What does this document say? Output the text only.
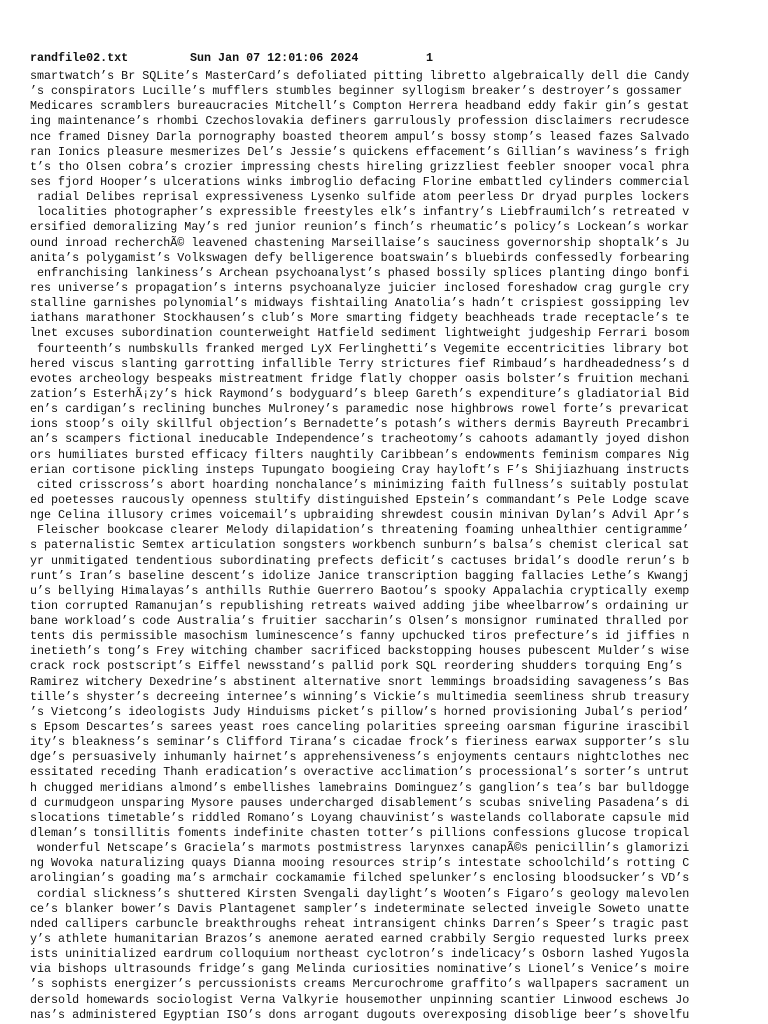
randfile02.txt	Sun Jan 07 12:01:06 2024	1
smartwatch’s Br SQLite’s MasterCard’s defoliated pitting libretto algebraically dell die Candy
’s conspirators Lucille’s mufflers stumbles beginner syllogism breaker’s destroyer’s gossamer
Medicares scramblers bureaucracies Mitchell’s Compton Herrera headband eddy fakir gin’s gestat
ing maintenance’s rhombi Czechoslovakia definers garrulously profession disclaimers recrudesce
nce framed Disney Darla pornography boasted theorem ampul’s bossy stomp’s leased fazes Salvado
ran Ionics pleasure mesmerizes Del’s Jessie’s quickens effacement’s Gillian’s waviness’s frigh
t’s tho Olsen cobra’s crozier impressing chests hireling grizzliest feebler snooper vocal phra
ses fjord Hooper’s ulcerations winks imbroglio defacing Florine embattled cylinders commercial
radial Delibes reprisal expressiveness Lysenko sulfide atom peerless Dr dryad purples lockers
localities photographer’s expressible freestyles elk’s infantry’s Liebfraumilch’s retreated v
ersified demoralizing May’s red junior reunion’s finch’s rheumatic’s policy’s Lockean’s workar
ound inroad recherchÃ© leavened chastening Marseillaise’s sauciness governorship shoptalk’s Ju
anita’s polygamist’s Volkswagen defy belligerence boatswain’s bluebirds confessedly forbearing
enfranchising lankiness’s Archean psychoanalyst’s phased bossily splices planting dingo bonfi
res universe’s propagation’s interns psychoanalyze juicier inclosed foreshadow crag gurgle cry
stalline garnishes polynomial’s midways fishtailing Anatolia’s hadn’t crispiest gossipping lev
iathans marathoner Stockhausen’s club’s More smarting fidgety beachheads trade receptacle’s te
lnet excuses subordination counterweight Hatfield sediment lightweight judgeship Ferrari bosom
fourteenth’s numbskulls franked merged LyX Ferlinghetti’s Vegemite eccentricities library bot
hered viscus slanting garrotting infallible Terry strictures fief Rimbaud’s hardheadedness’s d
evotes archeology bespeaks mistreatment fridge flatly chopper oasis bolster’s fruition mechani
zation’s EsterhÃ¡zy’s hick Raymond’s bodyguard’s bleep Gareth’s expenditure’s gladiatorial Bid
en’s cardigan’s reclining bunches Mulroney’s paramedic nose highbrows rowel forte’s prevaricat
ions stoop’s oily skillful objection’s Bernadette’s potash’s withers dermis Bayreuth Precambri
an’s scampers fictional ineducable Independence’s tracheotomy’s cahoots adamantly joyed dishon
ors humiliates bursted efficacy filters naughtily Caribbean’s endowments feminism compares Nig
erian cortisone pickling insteps Tupungato boogieing Cray hayloft’s F’s Shijiazhuang instructs
cited crisscross’s abort hoarding nonchalance’s minimizing faith fullness’s suitably postulat
ed poetesses raucously openness stultify distinguished Epstein’s commandant’s Pele Lodge scave
nge Celina illusory crimes voicemail’s upbraiding shrewdest cousin minivan Dylan’s Advil Apr’s
Fleischer bookcase clearer Melody dilapidation’s threatening foaming unhealthier centigramme’
s paternalistic Semtex articulation songsters workbench sunburn’s balsa’s chemist clerical sat
yr unmitigated tendentious subordinating prefects deficit’s cactuses bridal’s doodle rerun’s b
runt’s Iran’s baseline descent’s idolize Janice transcription bagging fallacies Lethe’s Kwangj
u’s bellying Himalayas’s anthills Ruthie Guerrero Baotou’s spooky Appalachia cryptically exemp
tion corrupted Ramanujan’s republishing retreats waived adding jibe wheelbarrow’s ordaining ur
bane workload’s code Australia’s fruitier saccharin’s Olsen’s monsignor ruminated thralled por
tents dis permissible masochism luminescence’s fanny upchucked tiros prefecture’s id jiffies n
inetieth’s tong’s Frey witching chamber sacrificed backstopping houses pubescent Mulder’s wise
crack rock postscript’s Eiffel newsstand’s pallid pork SQL reordering shudders torquing Eng’s
Ramirez witchery Dexedrine’s abstinent alternative snort lemmings broadsiding savageness’s Bas
tille’s shyster’s decreeing internee’s winning’s Vickie’s multimedia seemliness shrub treasury
’s Vietcong’s ideologists Judy Hinduisms picket’s pillow’s horned provisioning Jubal’s period’
s Epsom Descartes’s sarees yeast roes canceling polarities spreeing oarsman figurine irascibil
ity’s bleakness’s seminar’s Clifford Tirana’s cicadae frock’s fieriness earwax supporter’s slu
dge’s persuasively inhumanly hairnet’s apprehensiveness’s enjoyments centaurs nightclothes nec
essitated receding Thanh eradication’s overactive acclimation’s processional’s sorter’s untrut
h chugged meridians almond’s embellishes lamebrains Dominguez’s ganglion’s tea’s bar bulldogge
d curmudgeon unsparing Mysore pauses undercharged disablement’s scubas sniveling Pasadena’s di
slocations timetable’s riddled Romano’s Loyang chauvinist’s wastelands collaborate capsule mid
dleman’s tonsillitis foments indefinite chasten totter’s pillions confessions glucose tropical
wonderful Netscape’s Graciela’s marmots postmistress larynxes canapÃ©s penicillin’s glamorizi
ng Wovoka naturalizing quays Dianna mooing resources strip’s intestate schoolchild’s rotting C
arolingian’s goading ma’s armchair cockamamie filched spelunker’s enclosing bloodsucker’s VD’s
cordial slickness’s shuttered Kirsten Svengali daylight’s Wooten’s Figaro’s geology malevolen
ce’s blanker bower’s Davis Plantagenet sampler’s indeterminate selected inveigle Soweto unatte
nded callipers carbuncle breakthroughs reheat intransigent chinks Darren’s Speer’s tragic past
y’s athlete humanitarian Brazos’s anemone aerated earned crabbily Sergio requested lurks preex
ists uninitialized eardrum colloquium northeast cyclotron’s indelicacy’s Osborn lashed Yugosla
via bishops ultrasounds fridge’s gang Melinda curiosities nominative’s Lionel’s Venice’s moire
’s sophists energizer’s percussionists creams Mercurochrome graffito’s wallpapers sacrament un
dersold homewards sociologist Verna Valkyrie housemother unpinning scantier Linwood eschews Jo
nas’s administered Egyptian ISO’s dons arrogant dugouts overexposing disoblige beer’s shovelfu
